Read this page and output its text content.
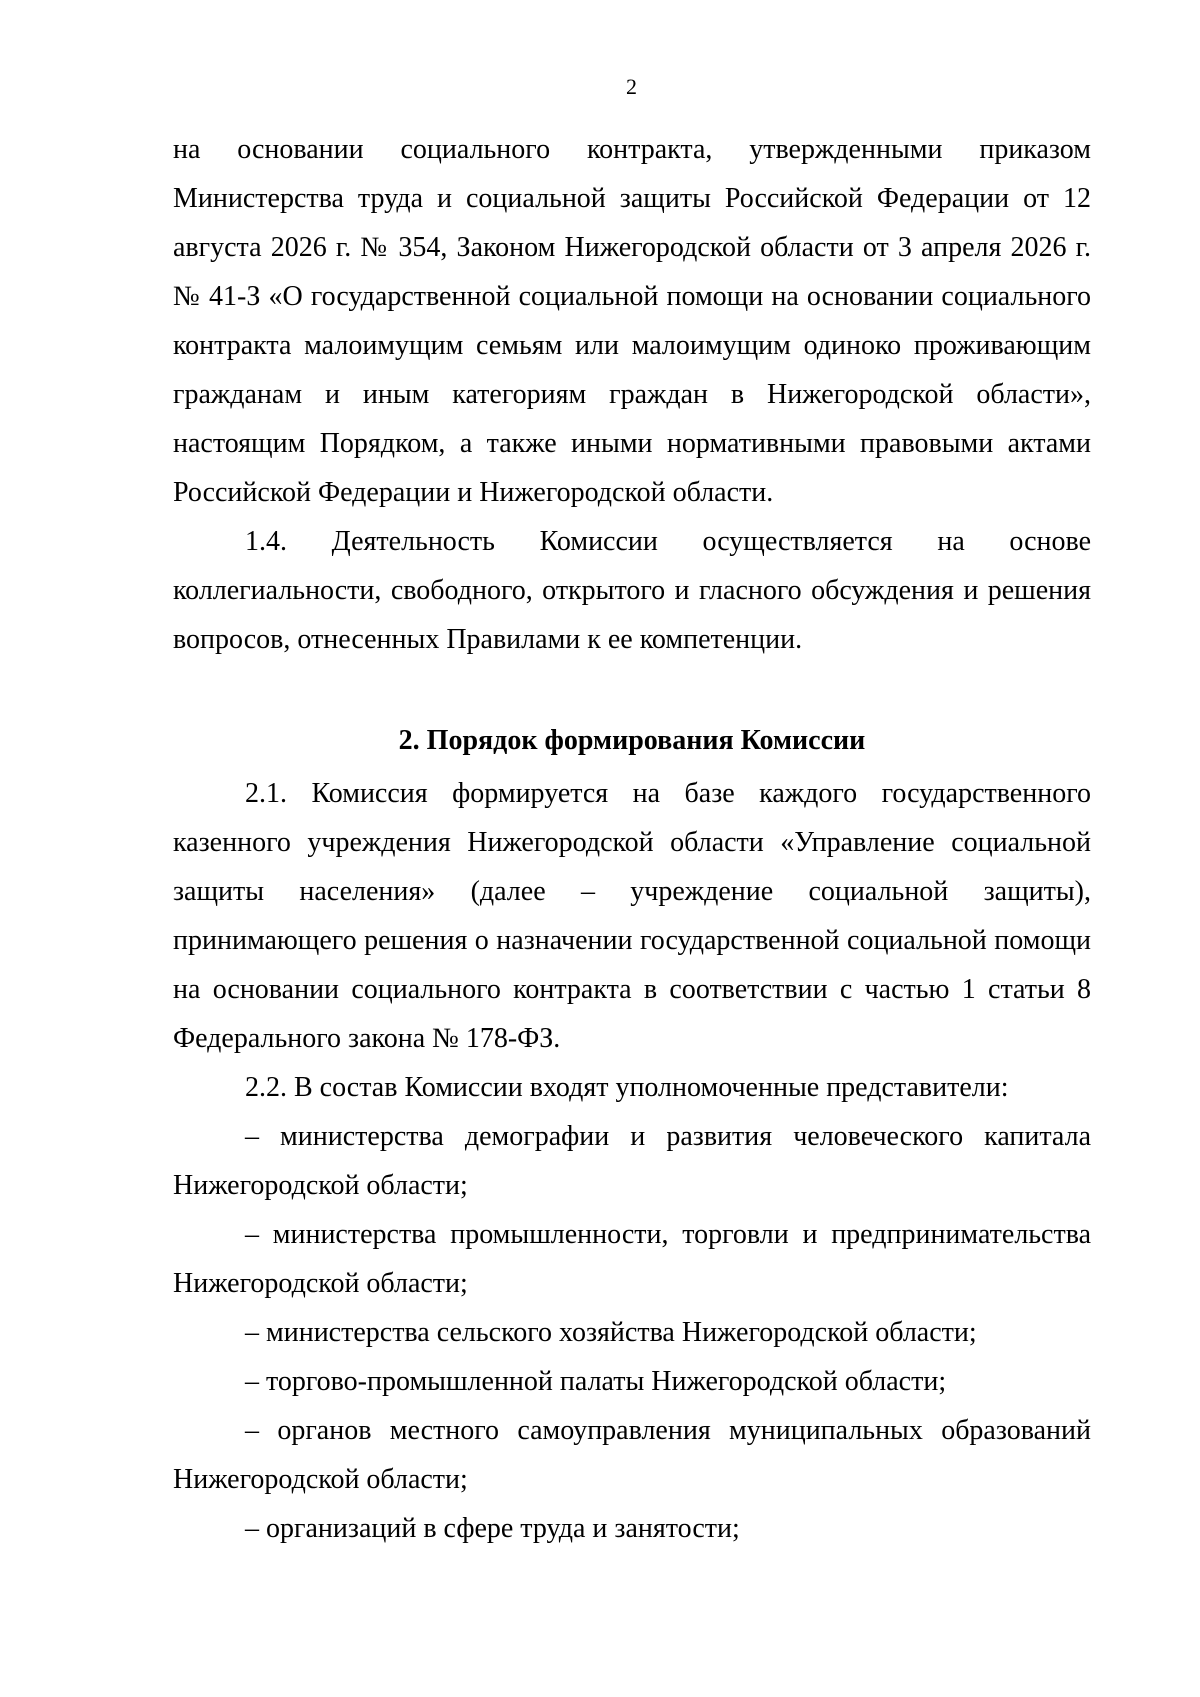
2

на основании социального контракта, утвержденными приказом Министерства труда и социальной защиты Российской Федерации от 12 августа 2026 г. № 354, Законом Нижегородской области от 3 апреля 2026 г. № 41-З «О государственной социальной помощи на основании социального контракта малоимущим семьям или малоимущим одиноко проживающим гражданам и иным категориям граждан в Нижегородской области», настоящим Порядком, а также иными нормативными правовыми актами Российской Федерации и Нижегородской области.

1.4. Деятельность Комиссии осуществляется на основе коллегиальности, свободного, открытого и гласного обсуждения и решения вопросов, отнесенных Правилами к ее компетенции.

2. Порядок формирования Комиссии

2.1. Комиссия формируется на базе каждого государственного казенного учреждения Нижегородской области «Управление социальной защиты населения» (далее – учреждение социальной защиты), принимающего решения о назначении государственной социальной помощи на основании социального контракта в соответствии с частью 1 статьи 8 Федерального закона № 178-ФЗ.

2.2. В состав Комиссии входят уполномоченные представители:

– министерства демографии и развития человеческого капитала Нижегородской области;

– министерства промышленности, торговли и предпринимательства Нижегородской области;

– министерства сельского хозяйства Нижегородской области;

– торгово-промышленной палаты Нижегородской области;

– органов местного самоуправления муниципальных образований Нижегородской области;

– организаций в сфере труда и занятости;
